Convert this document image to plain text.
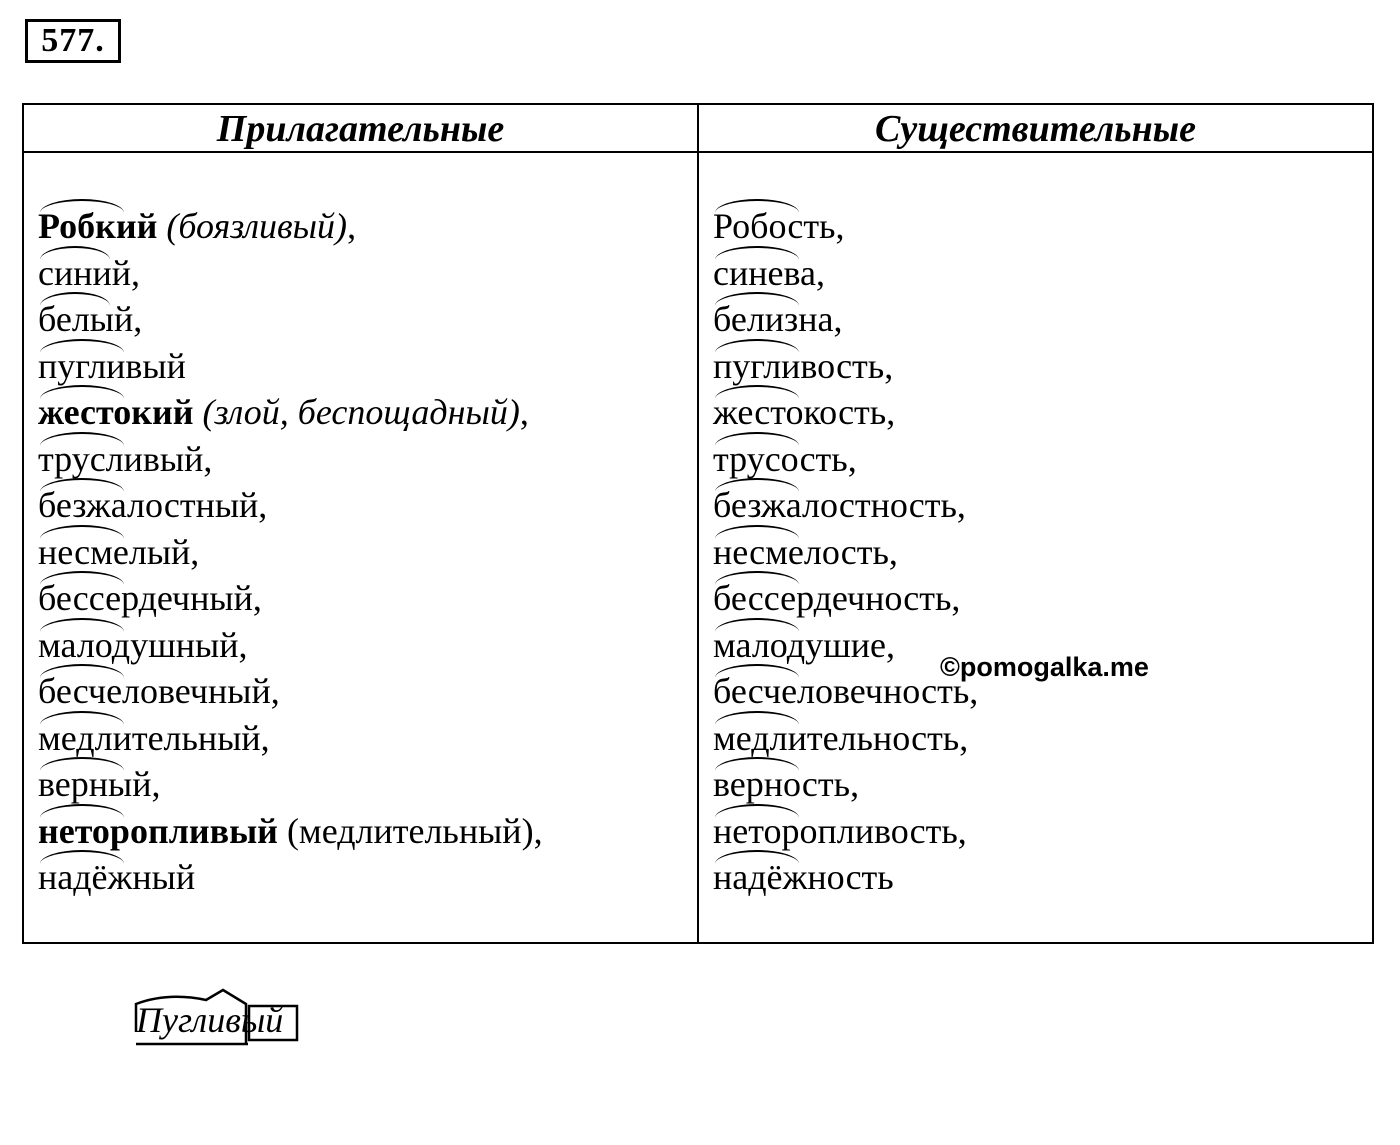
577.
Прилагательные	Существительные
Робкий (боязливый),
синий,
белый,
пугливый
жестокий (злой, беспощадный),
трусливый,
безжалостный,
несмелый,
бессердечный,
малодушный,
бесчеловечный,
медлительный,
верный,
неторопливый (медлительный),
надёжный
Робость,
синева,
белизна,
пугливость,
жестокость,
трусость,
безжалостность,
несмелость,
бессердечность,
малодушие,
бесчеловечность,
медлительность,
верность,
неторопливость,
надёжность
©pomogalka.me
Пугливый
